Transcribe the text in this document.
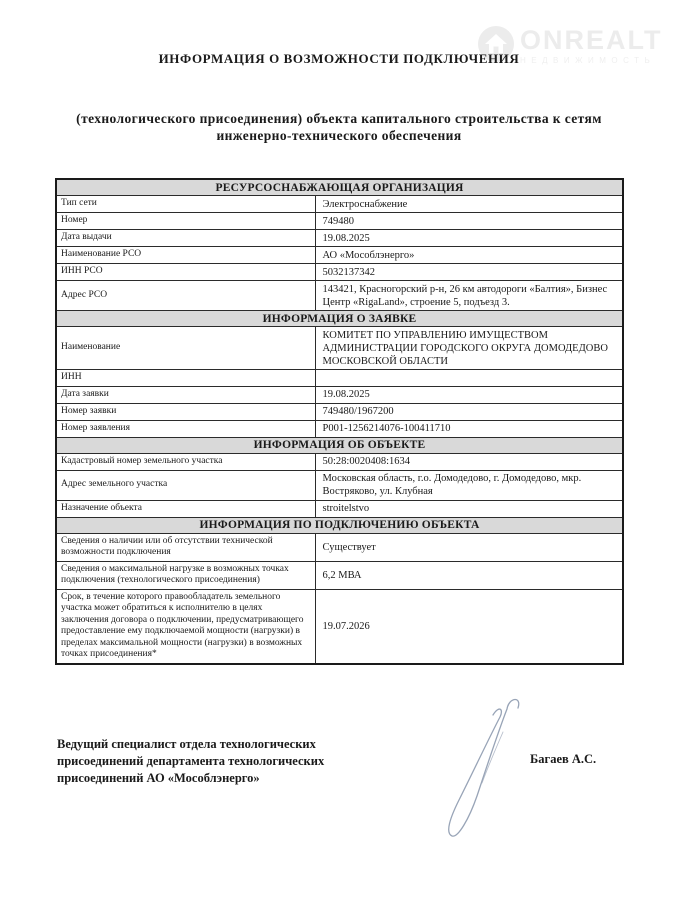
ONREALT
НЕДВИЖИМОСТЬ
ИНФОРМАЦИЯ О ВОЗМОЖНОСТИ ПОДКЛЮЧЕНИЯ
(технологического присоединения) объекта капитального строительства к сетям инженерно-технического обеспечения
РЕСУРСОСНАБЖАЮЩАЯ ОРГАНИЗАЦИЯ	
Тип сети	Электроснабжение
Номер	749480
Дата выдачи	19.08.2025
Наименование РСО	АО «Мособлэнерго»
ИНН РСО	5032137342
Адрес РСО	143421, Красногорский р-н, 26 км автодороги «Балтия», Бизнес Центр «RigaLand», строение 5, подъезд 3.
ИНФОРМАЦИЯ О ЗАЯВКЕ	
Наименование	КОМИТЕТ ПО УПРАВЛЕНИЮ ИМУЩЕСТВОМ АДМИНИСТРАЦИИ ГОРОДСКОГО ОКРУГА ДОМОДЕДОВО МОСКОВСКОЙ ОБЛАСТИ
ИНН	
Дата заявки	19.08.2025
Номер заявки	749480/1967200
Номер заявления	P001-1256214076-100411710
ИНФОРМАЦИЯ ОБ ОБЪЕКТЕ	
Кадастровый номер земельного участка	50:28:0020408:1634
Адрес земельного участка	Московская область, г.о. Домодедово, г. Домодедово, мкр. Востряково, ул. Клубная
Назначение объекта	stroitelstvo
ИНФОРМАЦИЯ ПО ПОДКЛЮЧЕНИЮ ОБЪЕКТА	
Сведения о наличии или об отсутствии технической возможности подключения	Существует
Сведения о максимальной нагрузке в возможных точках подключения (технологического присоединения)	6,2 МВА
Срок, в течение которого правообладатель земельного участка может обратиться к исполнителю в целях заключения договора о подключении, предусматривающего предоставление ему подключаемой мощности (нагрузки) в пределах максимальной мощности (нагрузки) в возможных точках присоединения*	19.07.2026
Ведущий специалист отдела технологических присоединений департамента технологических присоединений АО «Мособлэнерго»
Багаев А.С.
